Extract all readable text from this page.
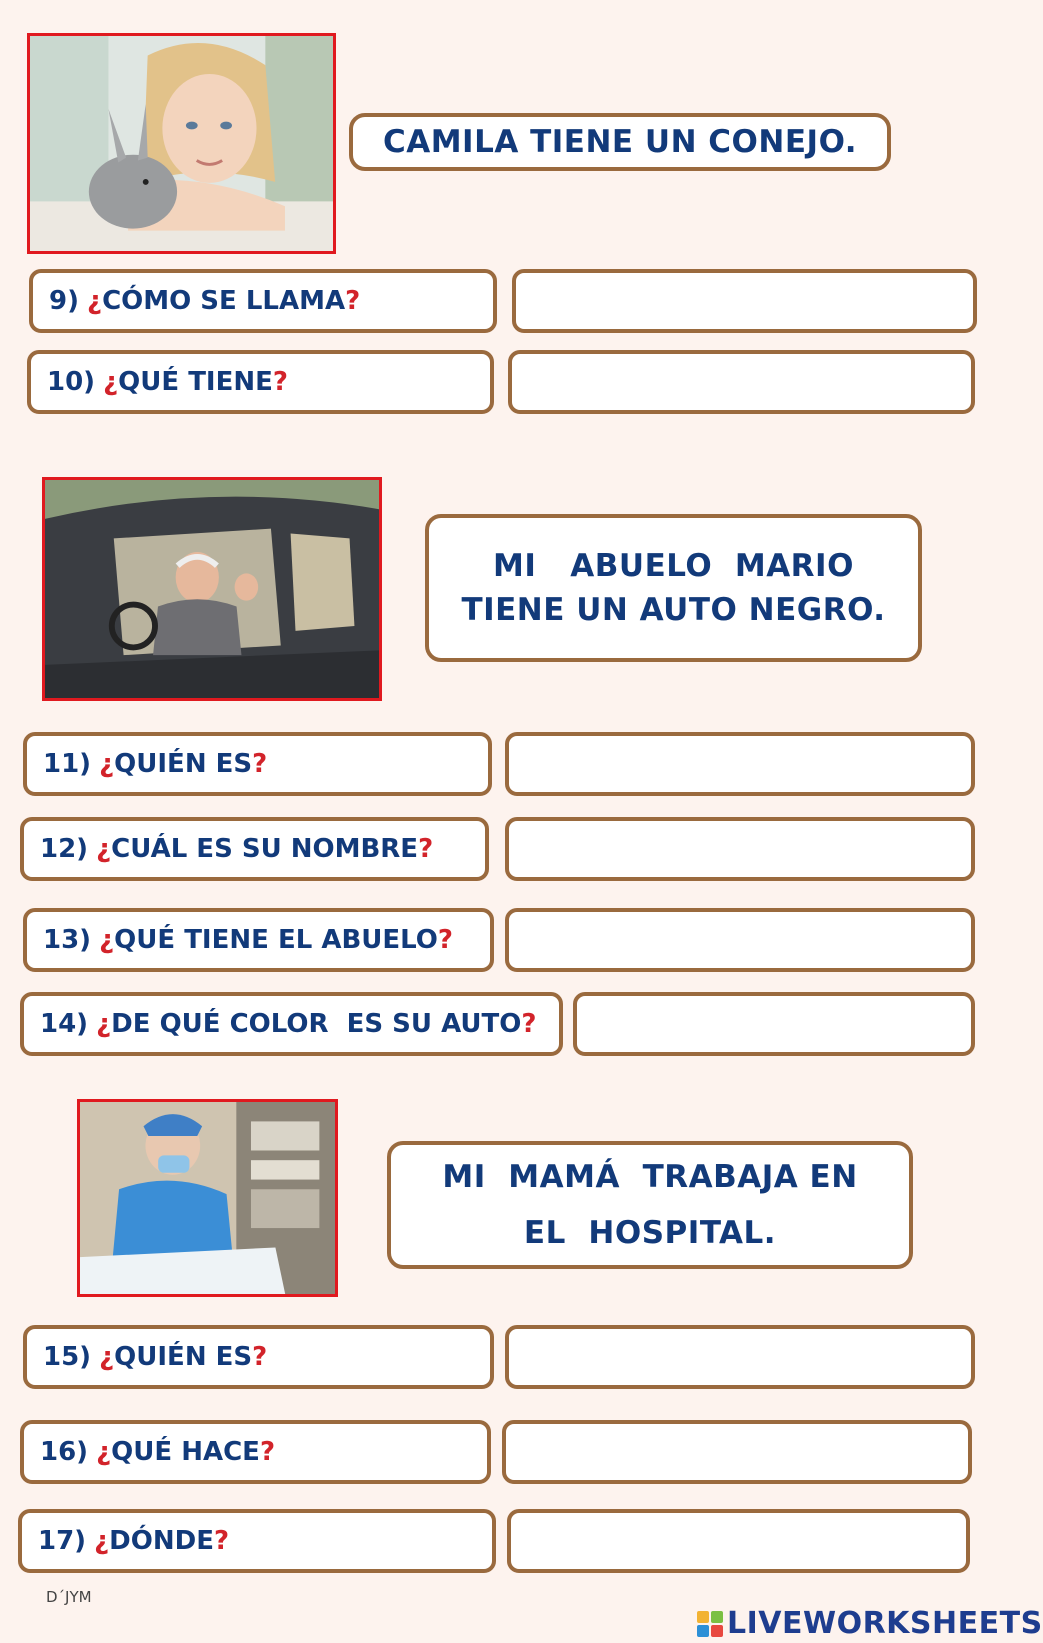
CAMILA TIENE UN CONEJO.
9) ¿ CÓMO SE LLAMA ?
10) ¿ QUÉ TIENE ?
MI   ABUELO  MARIO
TIENE UN AUTO NEGRO.
11) ¿ QUIÉN ES ?
12) ¿ CUÁL ES SU NOMBRE ?
13) ¿ QUÉ TIENE EL ABUELO ?
14) ¿ DE QUÉ COLOR  ES SU AUTO ?
MI  MAMÁ  TRABAJA EN
EL  HOSPITAL.
15) ¿ QUIÉN ES ?
16) ¿ QUÉ HACE ?
17) ¿ DÓNDE ?
D´JYM
LIVEWORKSHEETS
